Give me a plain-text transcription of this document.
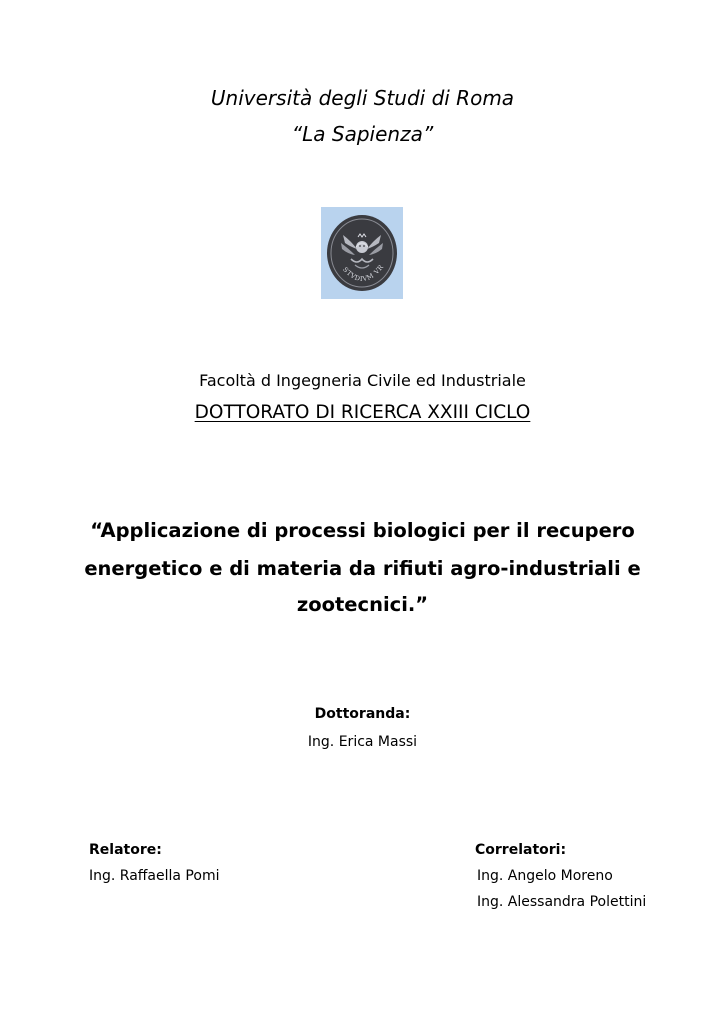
Università degli Studi di Roma
“La Sapienza”
STVDIVM VR
Facoltà d Ingegneria Civile ed Industriale
DOTTORATO DI RICERCA XXIII CICLO
“Applicazione di processi biologici per il recupero
energetico e di materia da rifiuti agro-industriali e
zootecnici.”
Dottoranda:
Ing. Erica Massi
Relatore:
Ing. Raffaella Pomi
Correlatori:
Ing. Angelo Moreno
Ing. Alessandra Polettini
